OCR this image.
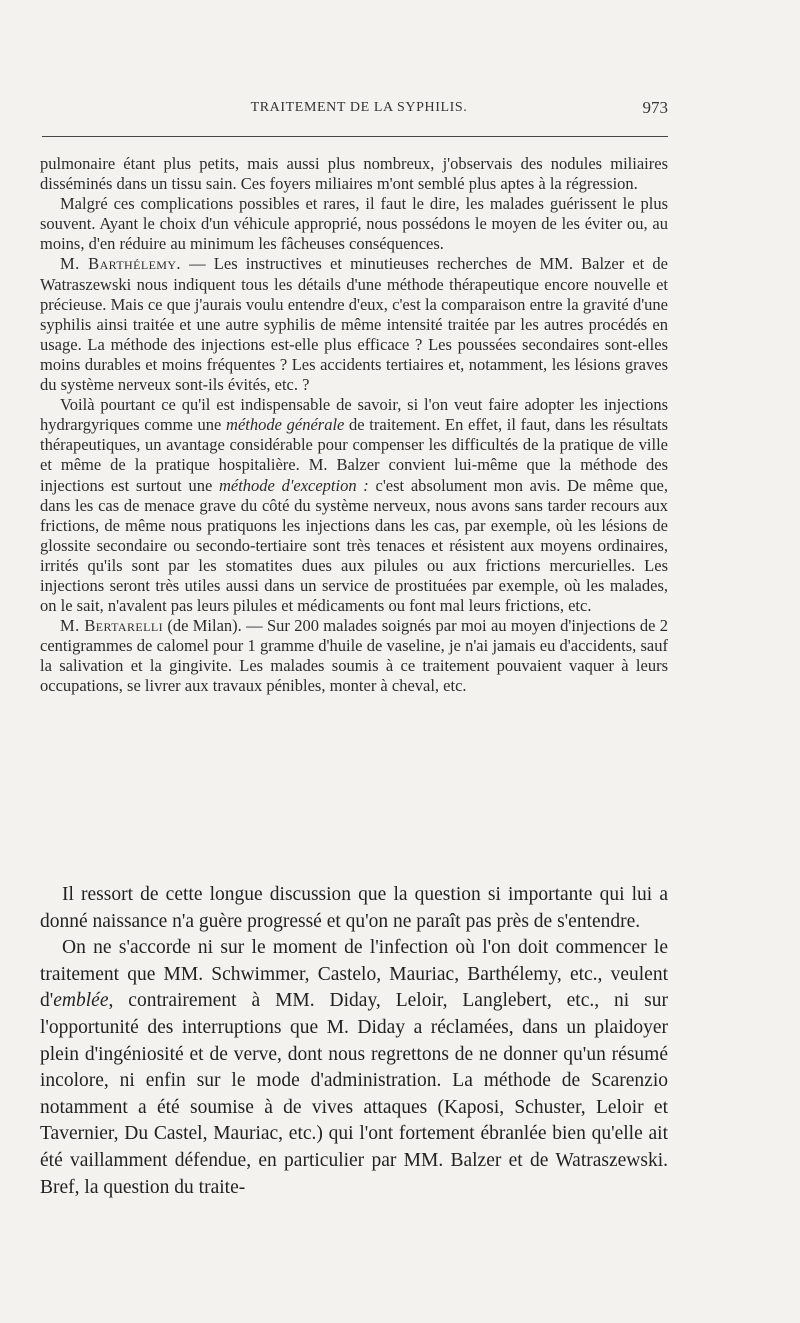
TRAITEMENT DE LA SYPHILIS.	973

pulmonaire étant plus petits, mais aussi plus nombreux, j'observais des nodules miliaires disséminés dans un tissu sain. Ces foyers miliaires m'ont semblé plus aptes à la régression.

Malgré ces complications possibles et rares, il faut le dire, les malades guérissent le plus souvent. Ayant le choix d'un véhicule approprié, nous possédons le moyen de les éviter ou, au moins, d'en réduire au minimum les fâcheuses conséquences.

M. Barthélemy. — Les instructives et minutieuses recherches de MM. Balzer et de Watraszewski nous indiquent tous les détails d'une méthode thérapeutique encore nouvelle et précieuse. Mais ce que j'aurais voulu entendre d'eux, c'est la comparaison entre la gravité d'une syphilis ainsi traitée et une autre syphilis de même intensité traitée par les autres procédés en usage. La méthode des injections est-elle plus efficace ? Les poussées secondaires sont-elles moins durables et moins fréquentes ? Les accidents tertiaires et, notamment, les lésions graves du système nerveux sont-ils évités, etc. ?

Voilà pourtant ce qu'il est indispensable de savoir, si l'on veut faire adopter les injections hydrargyriques comme une méthode générale de traitement. En effet, il faut, dans les résultats thérapeutiques, un avantage considérable pour compenser les difficultés de la pratique de ville et même de la pratique hospitalière. M. Balzer convient lui-même que la méthode des injections est surtout une méthode d'exception : c'est absolument mon avis. De même que, dans les cas de menace grave du côté du système nerveux, nous avons sans tarder recours aux frictions, de même nous pratiquons les injections dans les cas, par exemple, où les lésions de glossite secondaire ou secondo-tertiaire sont très tenaces et résistent aux moyens ordinaires, irrités qu'ils sont par les stomatites dues aux pilules ou aux frictions mercurielles. Les injections seront très utiles aussi dans un service de prostituées par exemple, où les malades, on le sait, n'avalent pas leurs pilules et médicaments ou font mal leurs frictions, etc.

M. Bertarelli (de Milan). — Sur 200 malades soignés par moi au moyen d'injections de 2 centigrammes de calomel pour 1 gramme d'huile de vaseline, je n'ai jamais eu d'accidents, sauf la salivation et la gingivite. Les malades soumis à ce traitement pouvaient vaquer à leurs occupations, se livrer aux travaux pénibles, monter à cheval, etc.

Il ressort de cette longue discussion que la question si importante qui lui a donné naissance n'a guère progressé et qu'on ne paraît pas près de s'entendre.

On ne s'accorde ni sur le moment de l'infection où l'on doit commencer le traitement que MM. Schwimmer, Castelo, Mauriac, Barthélemy, etc., veulent d'emblée, contrairement à MM. Diday, Leloir, Langlebert, etc., ni sur l'opportunité des interruptions que M. Diday a réclamées, dans un plaidoyer plein d'ingéniosité et de verve, dont nous regrettons de ne donner qu'un résumé incolore, ni enfin sur le mode d'administration. La méthode de Scarenzio notamment a été soumise à de vives attaques (Kaposi, Schuster, Leloir et Tavernier, Du Castel, Mauriac, etc.) qui l'ont fortement ébranlée bien qu'elle ait été vaillamment défendue, en particulier par MM. Balzer et de Watraszewski. Bref, la question du traite-
